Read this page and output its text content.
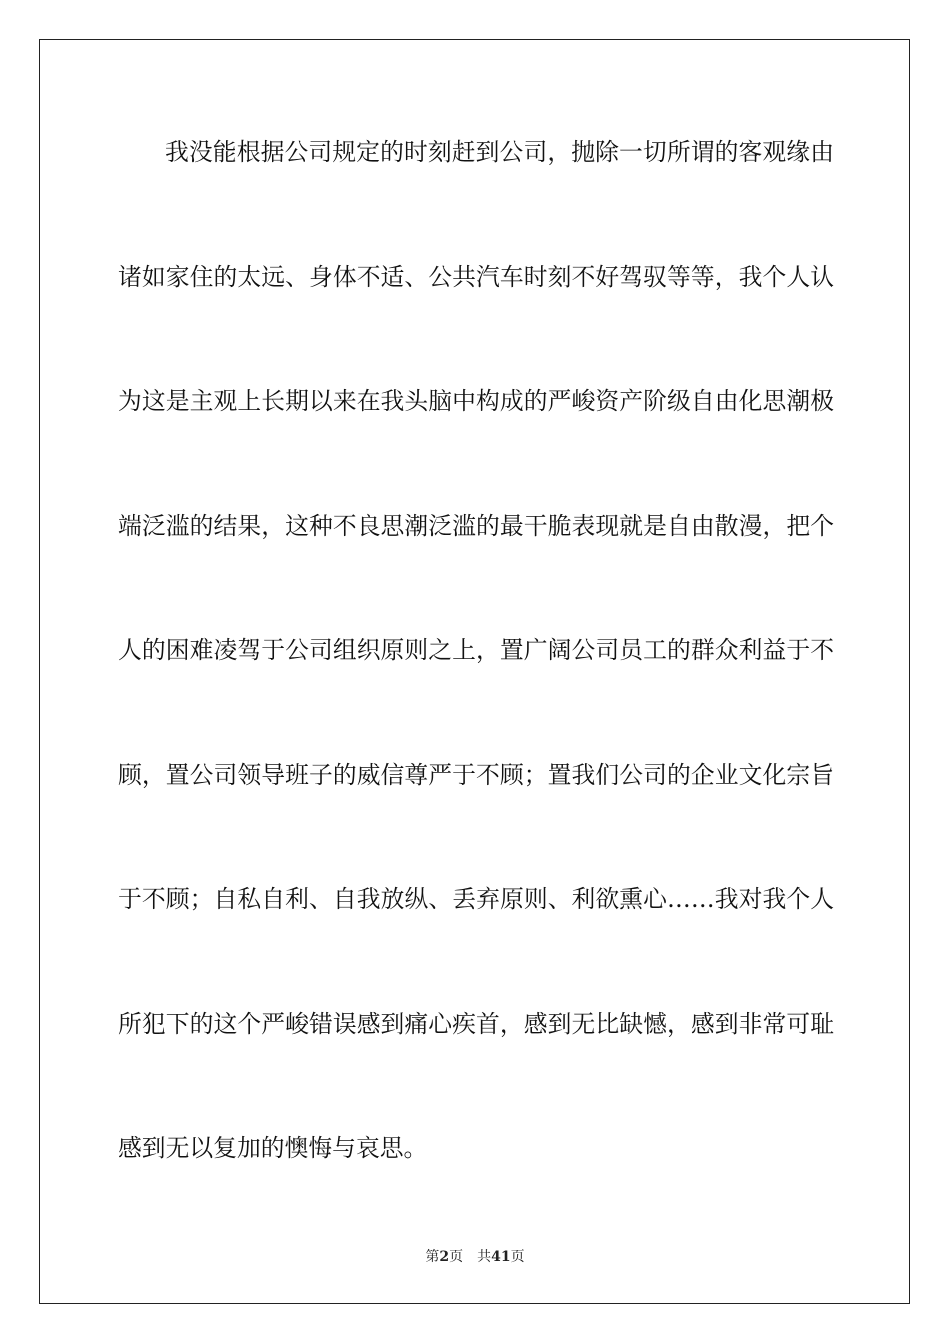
我没能根据公司规定的时刻赶到公司，抛除一切所谓的客观缘由
诸如家住的太远、身体不适、公共汽车时刻不好驾驭等等，我个人认
为这是主观上长期以来在我头脑中构成的严峻资产阶级自由化思潮极
端泛滥的结果，这种不良思潮泛滥的最干脆表现就是自由散漫，把个
人的困难凌驾于公司组织原则之上，置广阔公司员工的群众利益于不
顾，置公司领导班子的威信尊严于不顾；置我们公司的企业文化宗旨
于不顾；自私自利、自我放纵、丢弃原则、利欲熏心……我对我个人
所犯下的这个严峻错误感到痛心疾首，感到无比缺憾，感到非常可耻
感到无以复加的懊悔与哀思。
第2页 共41页
